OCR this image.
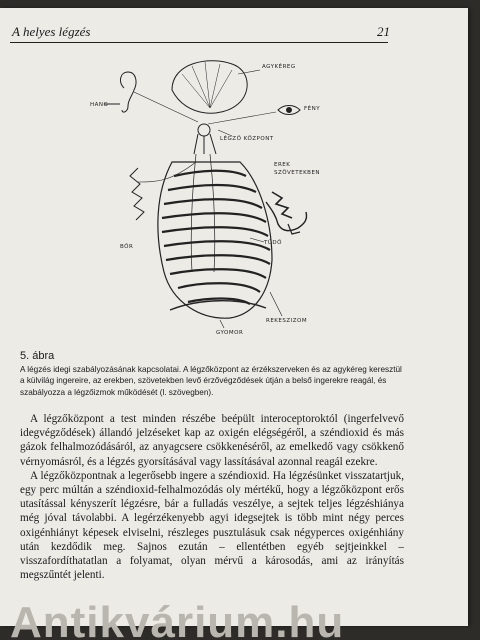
A helyes légzés	21
HANG
AGYKÉREG
FÉNY
LÉGZŐ KÖZPONT
EREK
SZÖVETEKBEN
BŐR
TÜDŐ
REKESZIZOM
GYOMOR
5. ábra
A légzés idegi szabályozásának kapcsolatai. A légzőközpont az érzékszerveken és az agykéreg keresztül a külvilág ingereire, az erekben, szövetekben levő érzővégződések útján a belső ingerekre reagál, és szabályozza a légzőizmok működését (l. szövegben).

A légzőközpont a test minden részébe beépült interoceptoroktól (ingerfelvevő idegvégződések) állandó jelzéseket kap az oxigén elégségéről, a széndioxid és más gázok felhalmozódásáról, az anyagcsere csökkenéséről, az emelkedő vagy csökkenő vérnyomásról, és a légzés gyorsításával vagy lassításával azonnal reagál ezekre.

A légzőközpontnak a legerősebb ingere a széndioxid. Ha légzésünket visszatartjuk, egy perc múltán a széndioxid-felhalmozódás oly mértékű, hogy a légzőközpont erős utasítással kényszerít légzésre, bár a fulladás veszélye, a sejtek teljes légzéshiánya még jóval távolabbi. A legérzékenyebb agyi idegsejtek is több mint négy perces oxigénhiányt képesek elviselni, részleges pusztulásuk csak négyperces oxigénhiány után kezdődik meg. Sajnos ezután – ellentétben egyéb sejtjeinkkel – visszafordíthatatlan a folyamat, olyan mérvű a károsodás, ami az irányítás megszűntét jelenti.

Antikvárium.hu
